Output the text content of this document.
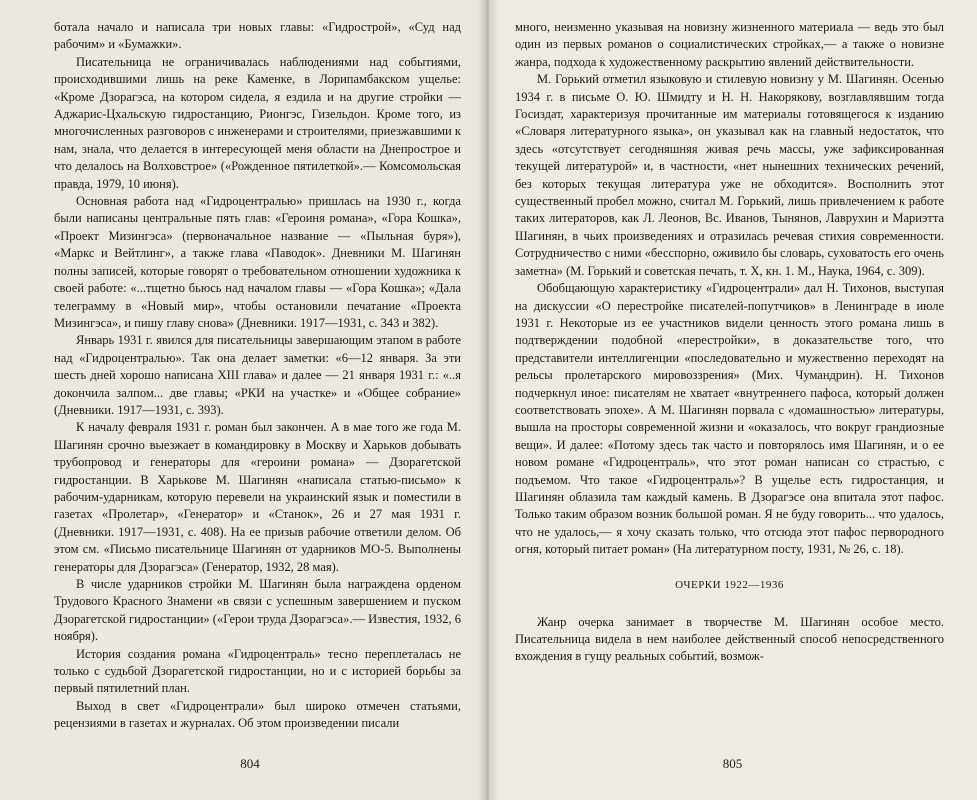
ботала начало и написала три новых главы: «Гидрострой», «Суд над рабочим» и «Бумажки».

Писательница не ограничивалась наблюдениями над событиями, происходившими лишь на реке Каменке, в Лорипамбакском ущелье: «Кроме Дзорагэса, на котором сидела, я ездила и на другие стройки — Аджарис-Цхальскую гидростанцию, Рионгэс, Гизельдон. Кроме того, из многочисленных разговоров с инженерами и строителями, приезжавшими к нам, знала, что делается в интересующей меня области на Днепрострое и что делалось на Волховстрое» («Рожденное пятилеткой».— Комсомольская правда, 1979, 10 июня).

Основная работа над «Гидроцентралью» пришлась на 1930 г., когда были написаны центральные пять глав: «Героиня романа», «Гора Кошка», «Проект Мизингэса» (первоначальное название — «Пыльная буря»), «Маркс и Вейтлинг», а также глава «Паводок». Дневники М. Шагинян полны записей, которые говорят о требовательном отношении художника к своей работе: «...тщетно бьюсь над началом главы — «Гора Кошка»; «Дала телеграмму в «Новый мир», чтобы остановили печатание «Проекта Мизингэса», и пишу главу снова» (Дневники. 1917—1931, с. 343 и 382).

Январь 1931 г. явился для писательницы завершающим этапом в работе над «Гидроцентралью». Так она делает заметки: «6—12 января. За эти шесть дней хорошо написана XIII глава» и далее — 21 января 1931 г.: «..я докончила залпом... две главы; «РКИ на участке» и «Общее собрание» (Дневники. 1917—1931, с. 393).

К началу февраля 1931 г. роман был закончен. А в мае того же года М. Шагинян срочно выезжает в командировку в Москву и Харьков добывать трубопровод и генераторы для «героини романа» — Дзорагетской гидростанции. В Харькове М. Шагинян «написала статью-письмо» к рабочим-ударникам, которую перевели на украинский язык и поместили в газетах «Пролетар», «Генератор» и «Станок», 26 и 27 мая 1931 г. (Дневники. 1917—1931, с. 408). На ее призыв рабочие ответили делом. Об этом см. «Письмо писательнице Шагинян от ударников МО-5. Выполнены генераторы для Дзорагэса» (Генератор, 1932, 28 мая).

В числе ударников стройки М. Шагинян была награждена орденом Трудового Красного Знамени «в связи с успешным завершением и пуском Дзорагетской гидростанции» («Герои труда Дзорагэса».— Известия, 1932, 6 ноября).

История создания романа «Гидроцентраль» тесно переплеталась не только с судьбой Дзорагетской гидростанции, но и с историей борьбы за первый пятилетний план.

Выход в свет «Гидроцентрали» был широко отмечен статьями, рецензиями в газетах и журналах. Об этом произведении писали

804

много, неизменно указывая на новизну жизненного материала — ведь это был один из первых романов о социалистических стройках,— а также о новизне жанра, подхода к художественному раскрытию явлений действительности.

М. Горький отметил языковую и стилевую новизну у М. Шагинян. Осенью 1934 г. в письме О. Ю. Шмидту и Н. Н. Накорякову, возглавлявшим тогда Госиздат, характеризуя прочитанные им материалы готовящегося к изданию «Словаря литературного языка», он указывал как на главный недостаток, что здесь «отсутствует сегодняшняя живая речь массы, уже зафиксированная текущей литературой» и, в частности, «нет нынешних технических речений, без которых текущая литература уже не обходится». Восполнить этот существенный пробел можно, считал М. Горький, лишь привлечением к работе таких литераторов, как Л. Леонов, Вс. Иванов, Тынянов, Лаврухин и Мариэтта Шагинян, в чьих произведениях и отразилась речевая стихия современности. Сотрудничество с ними «бесспорно, оживило бы словарь, суховатость его очень заметна» (М. Горький и советская печать, т. X, кн. 1. М., Наука, 1964, с. 309).

Обобщающую характеристику «Гидроцентрали» дал Н. Тихонов, выступая на дискуссии «О перестройке писателей-попутчиков» в Ленинграде в июле 1931 г. Некоторые из ее участников видели ценность этого романа лишь в подтверждении подобной «перестройки», в доказательстве того, что представители интеллигенции «последовательно и мужественно переходят на рельсы пролетарского мировоззрения» (Мих. Чумандрин). Н. Тихонов подчеркнул иное: писателям не хватает «внутреннего пафоса, который должен соответствовать эпохе». А М. Шагинян порвала с «домашностью» литературы, вышла на просторы современной жизни и «оказалось, что вокруг грандиозные вещи». И далее: «Потому здесь так часто и повторялось имя Шагинян, и о ее новом романе «Гидроцентраль», что этот роман написан со страстью, с подъемом. Что такое «Гидроцентраль»? В ущелье есть гидростанция, и Шагинян облазила там каждый камень. В Дзорагэсе она впитала этот пафос. Только таким образом возник большой роман. Я не буду говорить... что удалось, что не удалось,— я хочу сказать только, что отсюда этот пафос первородного огня, который питает роман» (На литературном посту, 1931, № 26, с. 18).

ОЧЕРКИ 1922—1936

Жанр очерка занимает в творчестве М. Шагинян особое место. Писательница видела в нем наиболее действенный способ непосредственного вхождения в гущу реальных событий, возмож-

805
